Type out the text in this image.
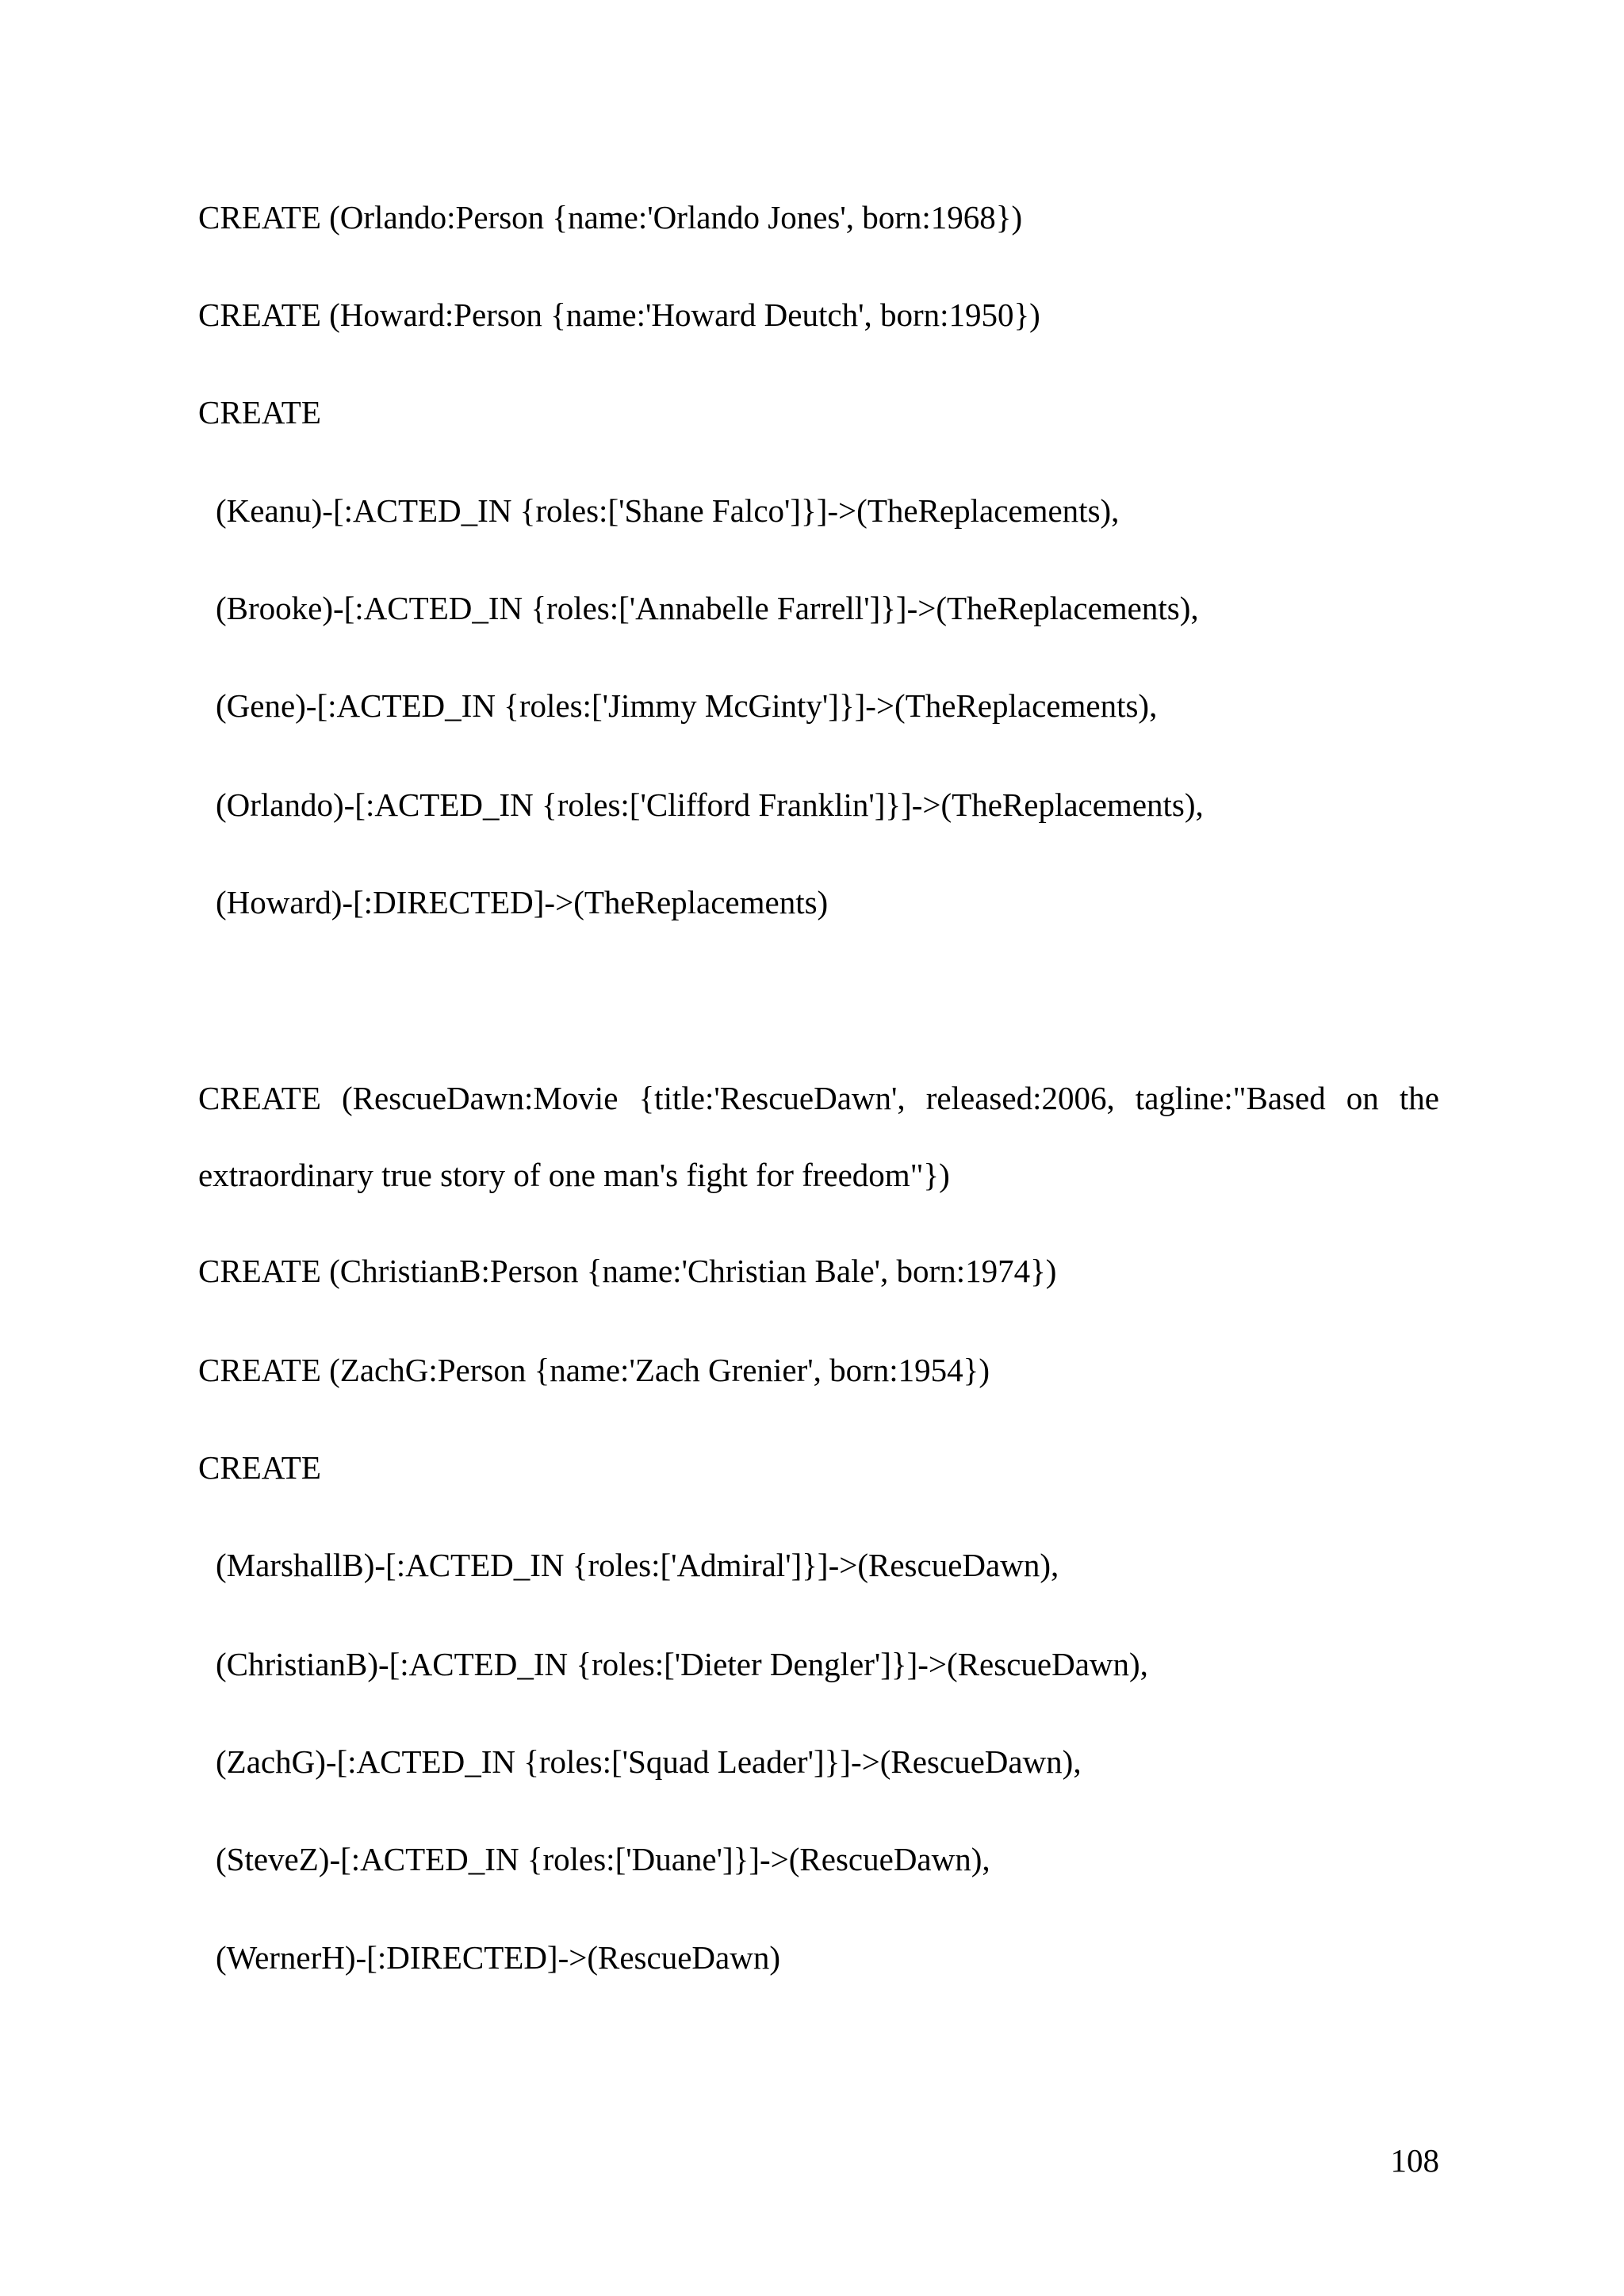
CREATE (Orlando:Person {name:'Orlando Jones', born:1968})
CREATE (Howard:Person {name:'Howard Deutch', born:1950})
CREATE
(Keanu)-[:ACTED_IN {roles:['Shane Falco']}]->(TheReplacements),
(Brooke)-[:ACTED_IN {roles:['Annabelle Farrell']}]->(TheReplacements),
(Gene)-[:ACTED_IN {roles:['Jimmy McGinty']}]->(TheReplacements),
(Orlando)-[:ACTED_IN {roles:['Clifford Franklin']}]->(TheReplacements),
(Howard)-[:DIRECTED]->(TheReplacements)
CREATE (RescueDawn:Movie {title:'RescueDawn', released:2006, tagline:"Based on the extraordinary true story of one man's fight for freedom"})
CREATE (ChristianB:Person {name:'Christian Bale', born:1974})
CREATE (ZachG:Person {name:'Zach Grenier', born:1954})
CREATE
(MarshallB)-[:ACTED_IN {roles:['Admiral']}]->(RescueDawn),
(ChristianB)-[:ACTED_IN {roles:['Dieter Dengler']}]->(RescueDawn),
(ZachG)-[:ACTED_IN {roles:['Squad Leader']}]->(RescueDawn),
(SteveZ)-[:ACTED_IN {roles:['Duane']}]->(RescueDawn),
(WernerH)-[:DIRECTED]->(RescueDawn)
108
